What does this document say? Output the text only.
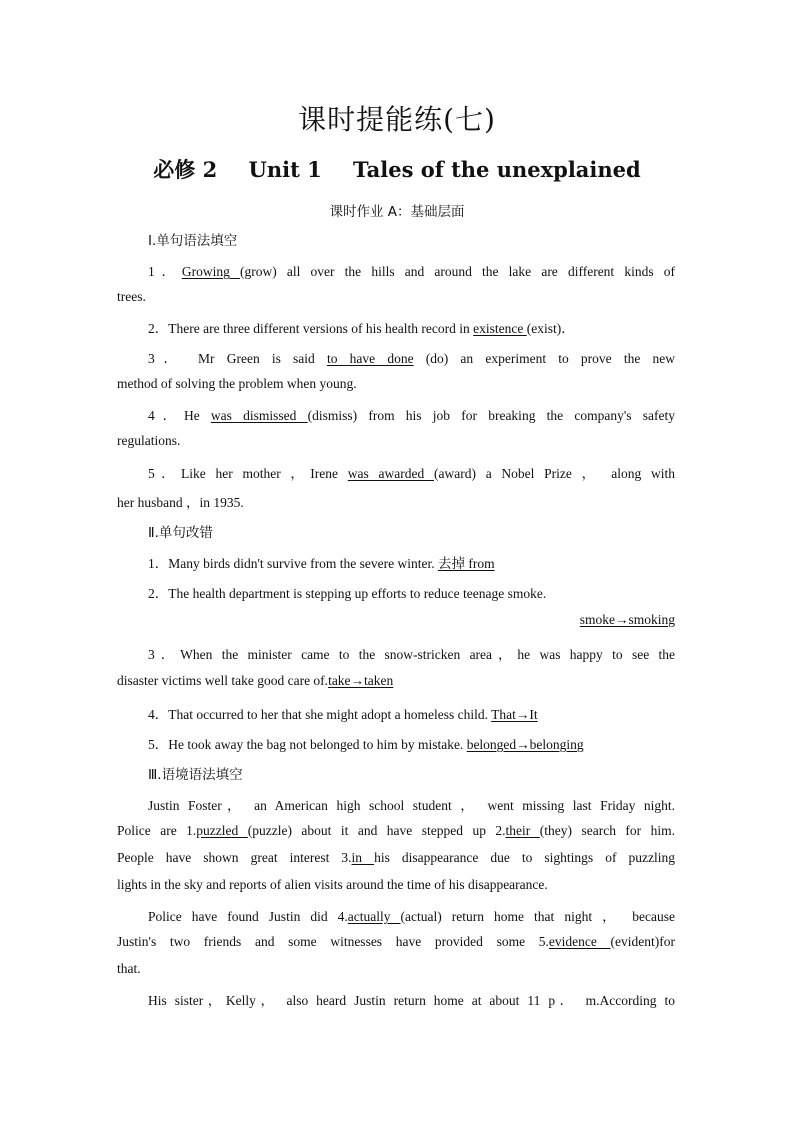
课时提能练(七)
必修 2 Unit 1 Tales of the unexplained
课时作业 A：基础层面
Ⅰ.单句语法填空
1．Growing (grow) all over the hills and around the lake are different kinds of
trees.
2．There are three different versions of his health record in existence (exist)．
3． Mr Green is said to have done (do) an experiment to prove the new
method of solving the problem when young.
4．He was dismissed (dismiss) from his job for breaking the company's safety
regulations.
5．Like her mother ，Irene was awarded (award) a Nobel Prize ， along with
her husband ，in 1935.
Ⅱ.单句改错
1．Many birds didn't survive from the severe winter. 去掉 from
2．The health department is stepping up efforts to reduce teenage smoke.
smoke→smoking
3．When the minister came to the snow-stricken area，he was happy to see the
disaster victims well take good care of.take→taken
4．That occurred to her that she might adopt a homeless child. That→It
5．He took away the bag not belonged to him by mistake. belonged→belonging
Ⅲ.语境语法填空
Justin Foster， an American high school student ， went missing last Friday night.
Police are 1.puzzled (puzzle) about it and have stepped up 2.their (they) search for him.
People have shown great interest 3.in his disappearance due to sightings of puzzling
lights in the sky and reports of alien visits around the time of his disappearance.
Police have found Justin did 4.actually (actual) return home that night ， because
Justin's two friends and some witnesses have provided some 5.evidence (evident)for
that.
His sister，Kelly， also heard Justin return home at about 11 p． m.According to
